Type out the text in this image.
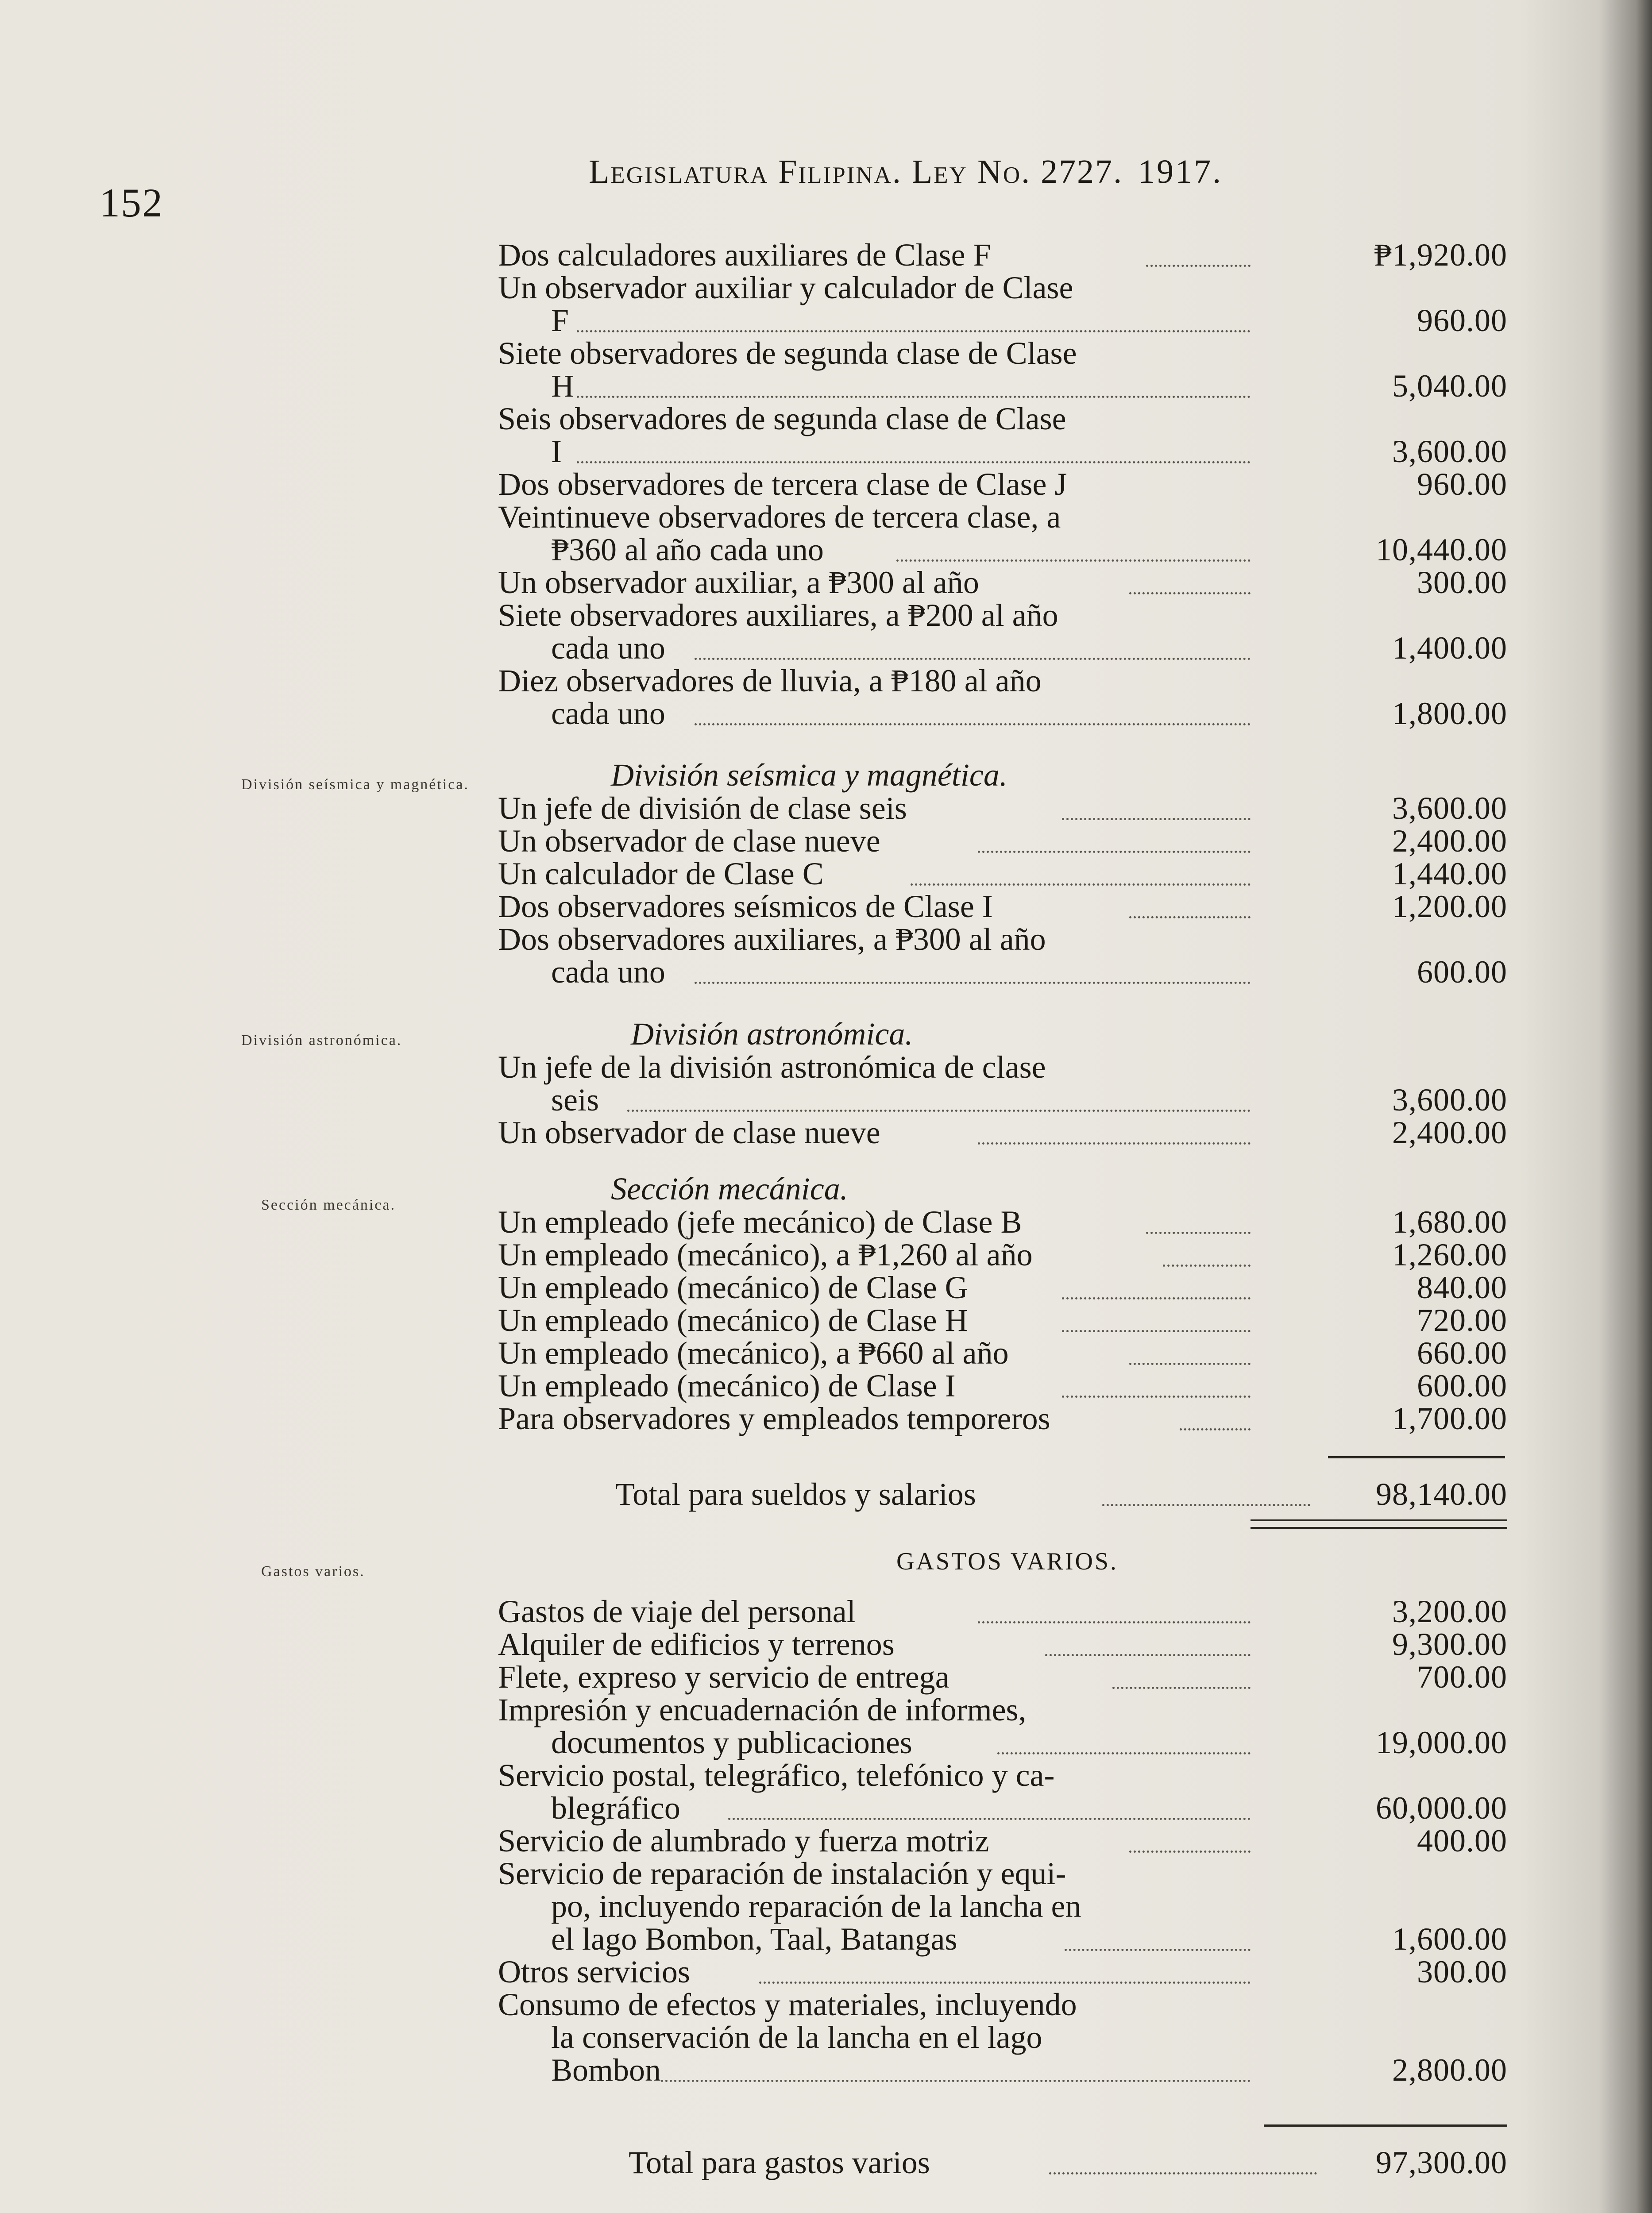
152
Legislatura Filipina. Ley No. 2727. 1917.
División seísmica y magnética.
División astronómica.
Sección mecánica.
Gastos varios.
División seísmica y magnética.
División astronómica.
Sección mecánica.
Total para sueldos y salarios	98,140.00
GASTOS VARIOS.
Total para gastos varios	97,300.00
Dos calculadores auxiliares de Clase F	₱1,920.00
Un observador auxiliar y calculador de Clase
F	960.00
Siete observadores de segunda clase de Clase
H	5,040.00
Seis observadores de segunda clase de Clase
I	3,600.00
Dos observadores de tercera clase de Clase J	960.00
Veintinueve observadores de tercera clase, a
₱360 al año cada uno	10,440.00
Un observador auxiliar, a ₱300 al año	300.00
Siete observadores auxiliares, a ₱200 al año
cada uno	1,400.00
Diez observadores de lluvia, a ₱180 al año
cada uno	1,800.00
Un jefe de división de clase seis	3,600.00
Un observador de clase nueve	2,400.00
Un calculador de Clase C	1,440.00
Dos observadores seísmicos de Clase I	1,200.00
Dos observadores auxiliares, a ₱300 al año
cada uno	600.00
Un jefe de la división astronómica de clase
seis	3,600.00
Un observador de clase nueve	2,400.00
Un empleado (jefe mecánico) de Clase B	1,680.00
Un empleado (mecánico), a ₱1,260 al año	1,260.00
Un empleado (mecánico) de Clase G	840.00
Un empleado (mecánico) de Clase H	720.00
Un empleado (mecánico), a ₱660 al año	660.00
Un empleado (mecánico) de Clase I	600.00
Para observadores y empleados temporeros	1,700.00
Gastos de viaje del personal	3,200.00
Alquiler de edificios y terrenos	9,300.00
Flete, expreso y servicio de entrega	700.00
Impresión y encuadernación de informes,
documentos y publicaciones	19,000.00
Servicio postal, telegráfico, telefónico y ca-
blegráfico	60,000.00
Servicio de alumbrado y fuerza motriz	400.00
Servicio de reparación de instalación y equi-
po, incluyendo reparación de la lancha en
el lago Bombon, Taal, Batangas	1,600.00
Otros servicios	300.00
Consumo de efectos y materiales, incluyendo
la conservación de la lancha en el lago
Bombon	2,800.00
